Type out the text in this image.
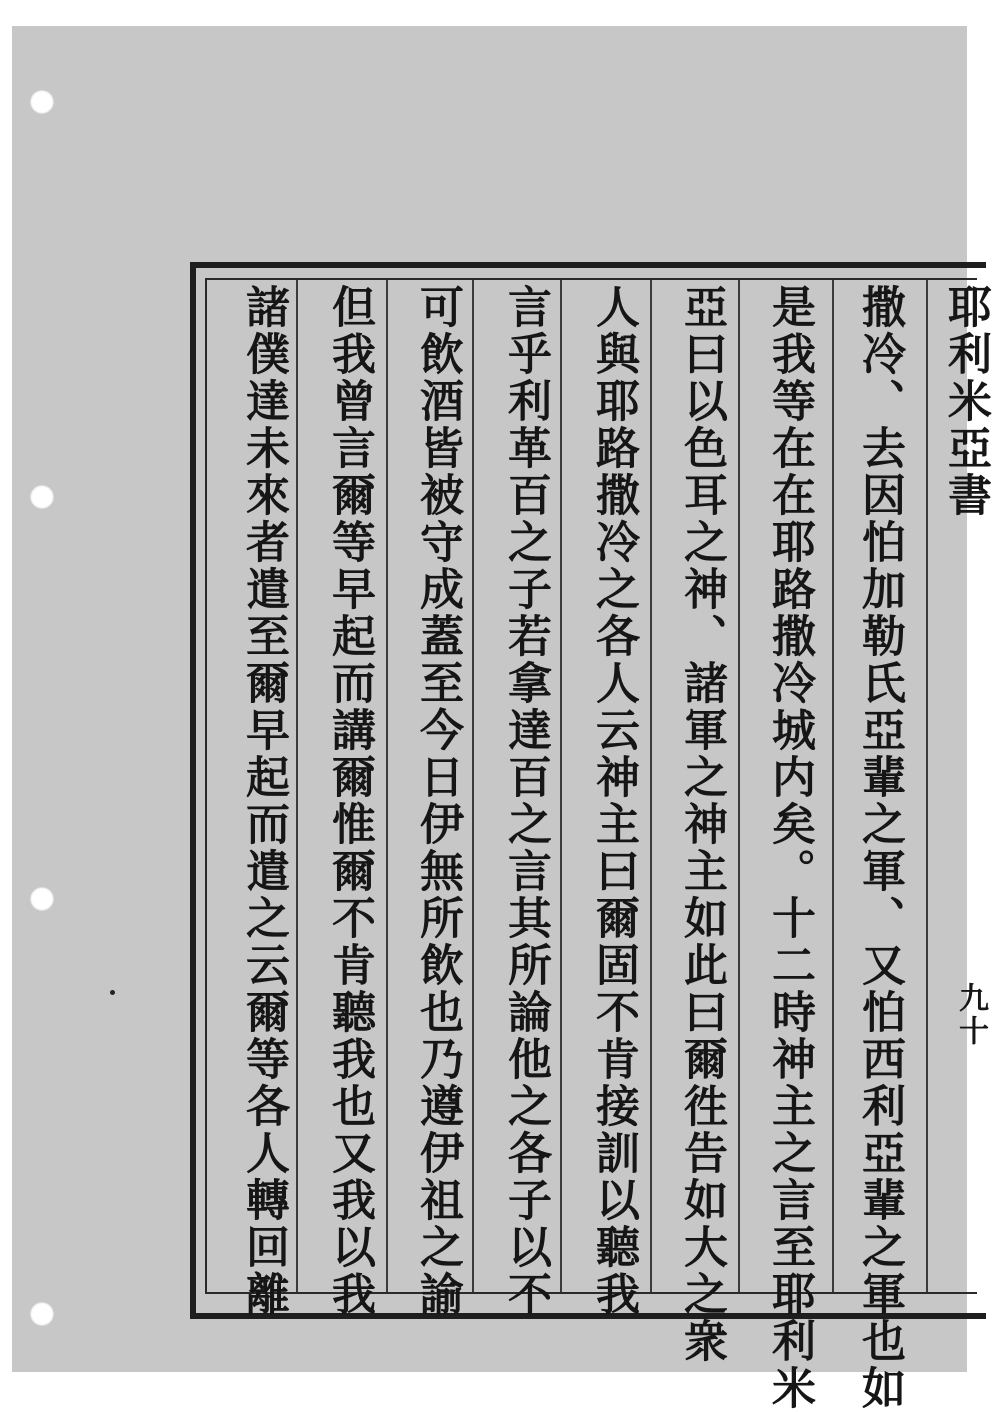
撒冷、去因怕加勒氏亞輩之軍、又怕西利亞輩之軍也如
是我等在在耶路撒冷城内矣。十二時神主之言至耶利米
亞曰以色耳之神、諸軍之神主如此曰爾徃告如大之衆
人與耶路撒冷之各人云神主曰爾固不肯接訓以聽我
言乎利革百之子若拿達百之言其所論他之各子以不
可飲酒皆被守成蓋至今日伊無所飲也乃遵伊祖之諭
但我曾言爾等早起而講爾惟爾不肯聽我也又我以我
諸僕達未來者遣至爾早起而遣之云爾等各人轉回離	耶利米亞書
九十
